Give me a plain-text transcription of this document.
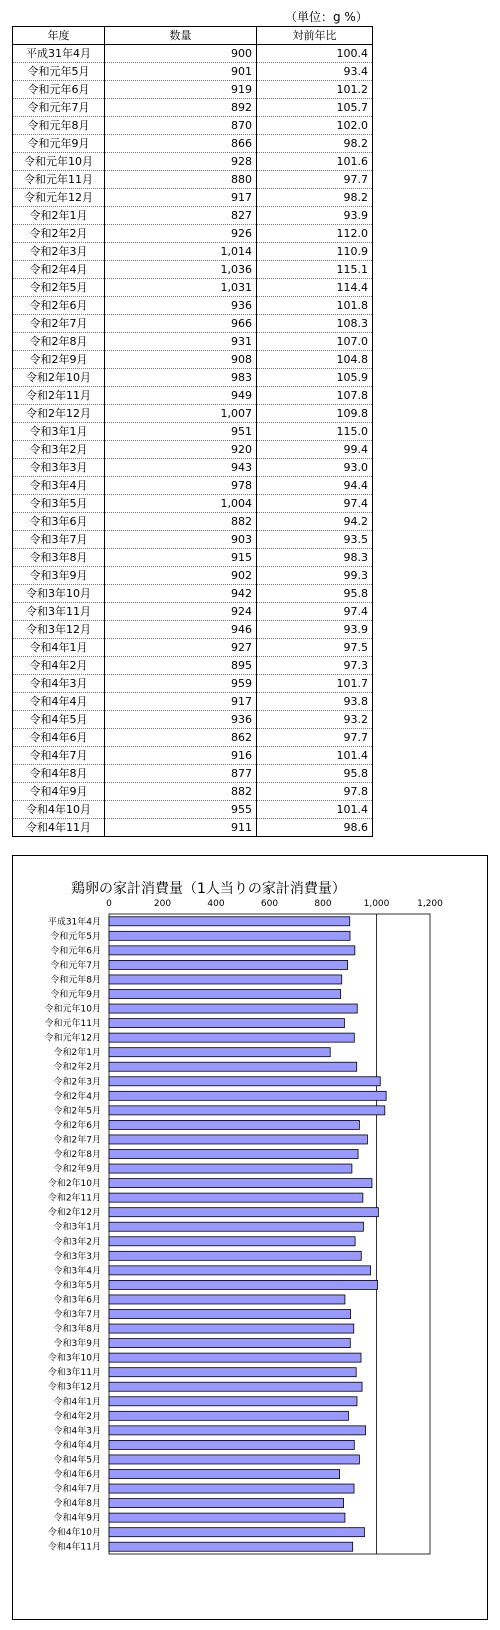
（単位：g %）
年度	数量	対前年比
平成31年4月	900	100.4
令和元年5月	901	93.4
令和元年6月	919	101.2
令和元年7月	892	105.7
令和元年8月	870	102.0
令和元年9月	866	98.2
令和元年10月	928	101.6
令和元年11月	880	97.7
令和元年12月	917	98.2
令和2年1月	827	93.9
令和2年2月	926	112.0
令和2年3月	1,014	110.9
令和2年4月	1,036	115.1
令和2年5月	1,031	114.4
令和2年6月	936	101.8
令和2年7月	966	108.3
令和2年8月	931	107.0
令和2年9月	908	104.8
令和2年10月	983	105.9
令和2年11月	949	107.8
令和2年12月	1,007	109.8
令和3年1月	951	115.0
令和3年2月	920	99.4
令和3年3月	943	93.0
令和3年4月	978	94.4
令和3年5月	1,004	97.4
令和3年6月	882	94.2
令和3年7月	903	93.5
令和3年8月	915	98.3
令和3年9月	902	99.3
令和3年10月	942	95.8
令和3年11月	924	97.4
令和3年12月	946	93.9
令和4年1月	927	97.5
令和4年2月	895	97.3
令和4年3月	959	101.7
令和4年4月	917	93.8
令和4年5月	936	93.2
令和4年6月	862	97.7
令和4年7月	916	101.4
令和4年8月	877	95.8
令和4年9月	882	97.8
令和4年10月	955	101.4
令和4年11月	911	98.6
鶏卵の家計消費量（1人当りの家計消費量）
0	200	400	600	800	1,000	1,200
平成31年4月
令和元年5月
令和元年6月
令和元年7月
令和元年8月
令和元年9月
令和元年10月
令和元年11月
令和元年12月
令和2年1月
令和2年2月
令和2年3月
令和2年4月
令和2年5月
令和2年6月
令和2年7月
令和2年8月
令和2年9月
令和2年10月
令和2年11月
令和2年12月
令和3年1月
令和3年2月
令和3年3月
令和3年4月
令和3年5月
令和3年6月
令和3年7月
令和3年8月
令和3年9月
令和3年10月
令和3年11月
令和3年12月
令和4年1月
令和4年2月
令和4年3月
令和4年4月
令和4年5月
令和4年6月
令和4年7月
令和4年8月
令和4年9月
令和4年10月
令和4年11月
